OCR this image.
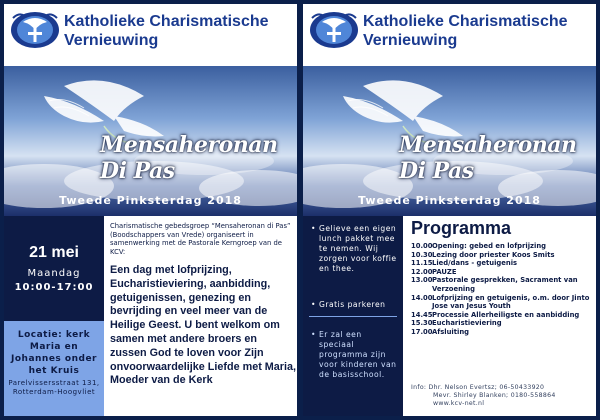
Katholieke Charismatische
Vernieuwing
Mensaheronan Di Pas
Tweede Pinksterdag 2018
21 mei
Maandag
10:00-17:00
Locatie: kerk Maria en Johannes onder het Kruis
Parelvissersstraat 131, Rotterdam-Hoogvliet
Charismatische gebedsgroep “Mensaheronan di Pas” (Boodschappers van Vrede) organiseert in samenwerking met de Pastorale Kerngroep van de KCV:
Een dag met lofprijzing, Eucharistieviering, aanbidding, getuigenissen, genezing en bevrijding en veel meer van de Heilige Geest. U bent welkom om samen met andere broers en zussen God te loven voor Zijn onvoorwaardelijke Liefde met Maria, Moeder van de Kerk
Katholieke Charismatische
Vernieuwing
Mensaheronan Di Pas
Tweede Pinksterdag 2018
• Gelieve een eigen lunch pakket mee te nemen. Wij zorgen voor koffie en thee.
• Gratis parkeren
• Er zal een speciaal programma zijn voor kinderen van de basisschool.
Programma
10.00 Opening: gebed en lofprijzing
10.30 Lezing door priester Koos Smits
11.15 Lied/dans - getuigenis
12.00 PAUZE
13.00 Pastorale gesprekken, Sacrament van Verzoening
14.00 Lofprijzing en getuigenis, o.m. door Jinto Jose van Jesus Youth
14.45 Processie Allerheiligste en aanbidding
15.30 Eucharistieviering
17.00 Afsluiting
Info: Dhr. Nelson Evertsz; 06-50433920
Mevr. Shirley Blanken; 0180-558864
www.kcv-net.nl
